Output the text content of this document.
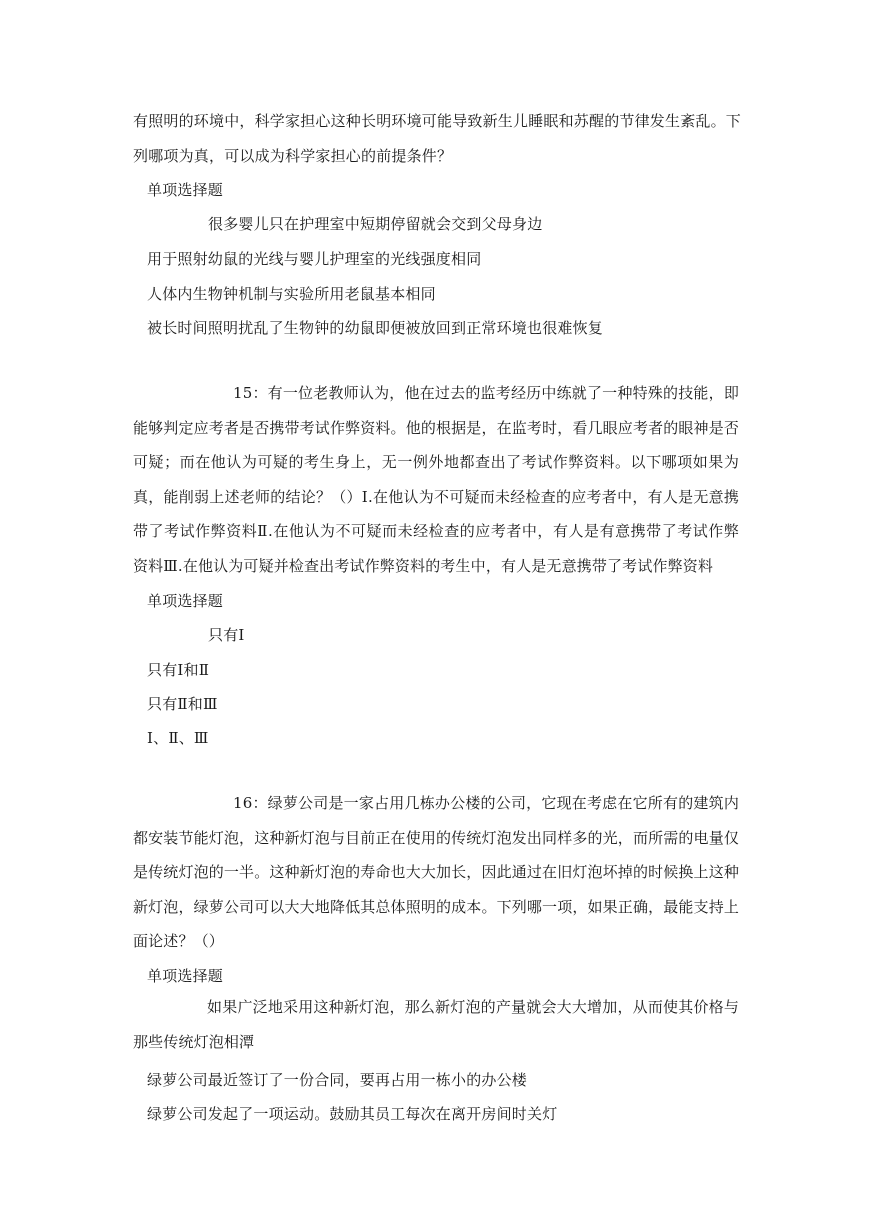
有照明的环境中，科学家担心这种长明环境可能导致新生儿睡眠和苏醒的节律发生紊乱。下
列哪项为真，可以成为科学家担心的前提条件？
单项选择题
很多婴儿只在护理室中短期停留就会交到父母身边
用于照射幼鼠的光线与婴儿护理室的光线强度相同
人体内生物钟机制与实验所用老鼠基本相同
被长时间照明扰乱了生物钟的幼鼠即便被放回到正常环境也很难恢复
15：有一位老教师认为，他在过去的监考经历中练就了一种特殊的技能，即能够判定应考者是否携带考试作弊资料。他的根据是，在监考时，看几眼应考者的眼神是否可疑；而在他认为可疑的考生身上，无一例外地都查出了考试作弊资料。以下哪项如果为真，能削弱上述老师的结论？（）Ⅰ.在他认为不可疑而未经检查的应考者中，有人是无意携带了考试作弊资料Ⅱ.在他认为不可疑而未经检查的应考者中，有人是有意携带了考试作弊资料Ⅲ.在他认为可疑并检查出考试作弊资料的考生中，有人是无意携带了考试作弊资料
单项选择题
只有Ⅰ
只有Ⅰ和Ⅱ
只有Ⅱ和Ⅲ
Ⅰ、Ⅱ、Ⅲ
16：绿萝公司是一家占用几栋办公楼的公司，它现在考虑在它所有的建筑内都安装节能灯泡，这种新灯泡与目前正在使用的传统灯泡发出同样多的光，而所需的电量仅是传统灯泡的一半。这种新灯泡的寿命也大大加长，因此通过在旧灯泡坏掉的时候换上这种新灯泡，绿萝公司可以大大地降低其总体照明的成本。下列哪一项，如果正确，最能支持上面论述？（）
单项选择题
如果广泛地采用这种新灯泡，那么新灯泡的产量就会大大增加，从而使其价格与那些传统灯泡相潭
绿萝公司最近签订了一份合同，要再占用一栋小的办公楼
绿萝公司发起了一项运动。鼓励其员工每次在离开房间时关灯
